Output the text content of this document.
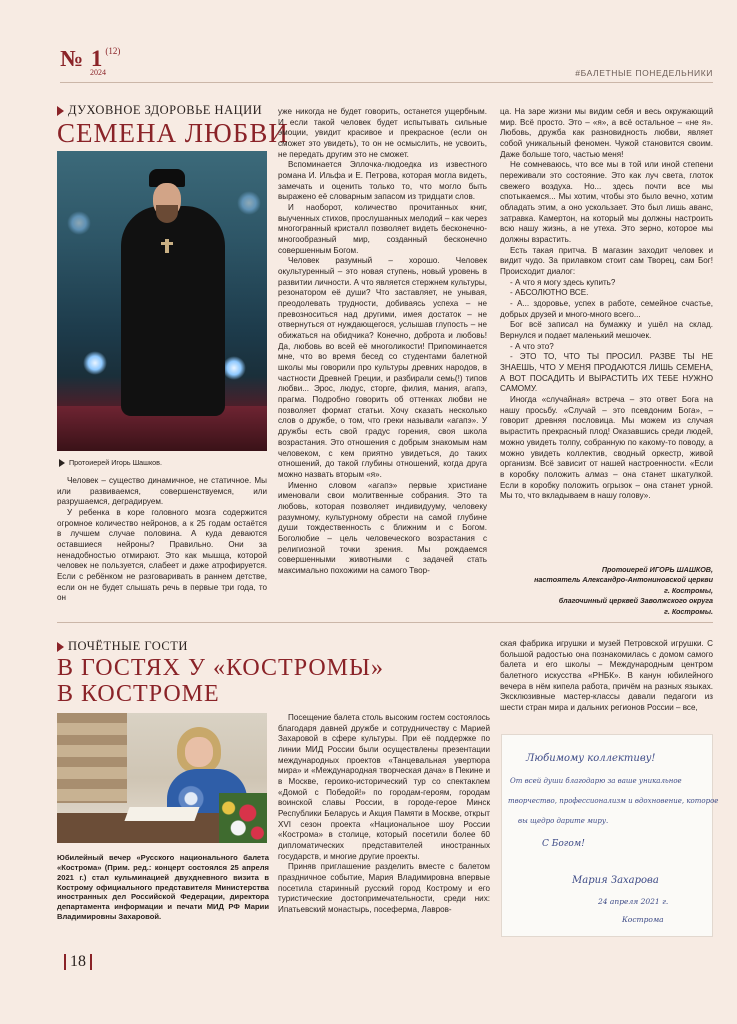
№ 1 $^{(12)}$
2024	#БАЛЕТНЫЕ ПОНЕДЕЛЬНИКИ
ДУХОВНОЕ ЗДОРОВЬЕ НАЦИИ
СЕМЕНА ЛЮБВИ
Протоиерей Игорь Шашков.

Человек – существо динамичное, не статичное. Мы или развиваемся, совершенствуемся, или разрушаемся, деградируем.

У ребенка в коре головного мозга содержится огромное количество нейронов, а к 25 годам остаётся в лучшем случае половина. А куда деваются оставшиеся нейроны? Правильно. Они за ненадобностью отмирают. Это как мышца, которой человек не пользуется, слабеет и даже атрофируется. Если с ребёнком не разговаривать в раннем детстве, если он не будет слышать речь в первые три года, то он

уже никогда не будет говорить, останется ущербным. И если такой человек будет испытывать сильные эмоции, увидит красивое и прекрасное (если он сможет это увидеть), то он не осмыслить, не усвоить, не передать другим это не сможет.

Вспоминается Эллочка-людоедка из известного романа И. Ильфа и Е. Петрова, которая могла видеть, замечать и оценить только то, что могло быть выражено её словарным запасом из тридцати слов.

И наоборот, количество прочитанных книг, выученных стихов, прослушанных мелодий – как через многогранный кристалл позволяет видеть бесконечно-многообразный мир, созданный бесконечно совершенным Богом.

Человек разумный – хорошо. Человек окультуренный – это новая ступень, новый уровень в развитии личности. А что является стержнем культуры, резонатором её души? Что заставляет, не унывая, преодолевать трудности, добиваясь успеха – не превозноситься над другими, имея достаток – не отвернуться от нуждающегося, услышав глупость – не обижаться на обидчика? Конечно, доброта и любовь! Да, любовь во всей её многоликости! Припоминается мне, что во время бесед со студентами балетной школы мы говорили про культуры древних народов, в частности Древней Греции, и разбирали семь(!) типов любви... Эрос, людус, сторге, филия, мания, агапэ, прагма. Подробно говорить об оттенках любви не позволяет формат статьи. Хочу сказать несколько слов о дружбе, о том, что греки называли «агапэ». У дружбы есть свой градус горения, своя школа возрастания. Это отношения с добрым знакомым нам человеком, с кем приятно увидеться, до таких отношений, до такой глубины отношений, когда друга можно назвать вторым «я».

Именно словом «агапэ» первые христиане именовали свои молитвенные собрания. Это та любовь, которая позволяет индивидууму, человеку разумному, культурному обрести на самой глубине души тождественность с ближним и с Богом. Боголюбие – цель человеческого возрастания с религиозной точки зрения. Мы рождаемся совершенными животными с задачей стать максимально похожими на самого Твор-

ца. На заре жизни мы видим себя и весь окружающий мир. Всё просто. Это – «я», а всё остальное – «не я». Любовь, дружба как разновидность любви, являет собой уникальный феномен. Чужой становится своим. Даже больше того, частью меня!

Не сомневаюсь, что все мы в той или иной степени переживали это состояние. Это как луч света, глоток свежего воздуха. Но... здесь почти все мы спотыкаемся... Мы хотим, чтобы это было вечно, хотим обладать этим, а оно ускользает. Это был лишь аванс, затравка. Камертон, на который мы должны настроить всю нашу жизнь, а не утеха. Это зерно, которое мы должны взрастить.

Есть такая притча. В магазин заходит человек и видит чудо. За прилавком стоит сам Творец, сам Бог! Происходит диалог:

- А что я могу здесь купить?

- АБСОЛЮТНО ВСЕ.

- А... здоровье, успех в работе, семейное счастье, добрых друзей и много-много всего...

Бог всё записал на бумажку и ушёл на склад. Вернулся и подает маленький мешочек.

- А что это?

- ЭТО ТО, ЧТО ТЫ ПРОСИЛ. РАЗВЕ ТЫ НЕ ЗНАЕШЬ, ЧТО У МЕНЯ ПРОДАЮТСЯ ЛИШЬ СЕМЕНА, А ВОТ ПОСАДИТЬ И ВЫРАСТИТЬ ИХ ТЕБЕ НУЖНО САМОМУ.

Иногда «случайная» встреча – это ответ Бога на нашу просьбу. «Случай – это псевдоним Бога», – говорит древняя пословица. Мы можем из случая вырастить прекрасный плод! Оказавшись среди людей, можно увидеть толпу, собранную по какому-то поводу, а можно увидеть коллектив, сводный оркестр, живой организм. Всё зависит от нашей настроенности. «Если в коробку положить алмаз – она станет шкатулкой. Если в коробку положить огрызок – она станет урной. Мы то, что вкладываем в нашу голову».

Протоиерей ИГОРЬ ШАШКОВ,
настоятель Александро-Антониновской церкви
г. Костромы,
благочинный церквей Заволжского округа
г. Костромы.
ПОЧЁТНЫЕ ГОСТИ
В ГОСТЯХ У «КОСТРОМЫ»
В КОСТРОМЕ
Юбилейный вечер «Русского национального балета «Кострома» (Прим. ред.: концерт состоялся 25 апреля 2021 г.) стал кульминацией двухдневного визита в Кострому официального представителя Министерства иностранных дел Российской Федерации, директора департамента информации и печати МИД РФ Марии Владимировны Захаровой.

Посещение балета столь высоким гостем состоялось благодаря давней дружбе и сотрудничеству с Марией Захаровой в сфере культуры. При её поддержке по линии МИД России были осуществлены презентации международных проектов «Танцевальная увертюра мира» и «Международная творческая дача» в Пекине и в Москве, героико-исторический тур со спектаклем «Домой с Победой!» по городам-героям, городам воинской славы России, в городе-герое Минск Республики Беларусь и Акция Памяти в Москве, открыт XVI сезон проекта «Национальное шоу России «Кострома» в столице, который посетили более 60 дипломатических представителей иностранных государств, и многие другие проекты.

Приняв приглашение разделить вместе с балетом праздничное событие, Мария Владимировна впервые посетила старинный русский город Кострому и его туристические достопримечательности, среди них: Ипатьевский монастырь, посеферма, Лавров-

ская фабрика игрушки и музей Петровской игрушки. С большой радостью она познакомилась с домом самого балета и его школы – Международным центром балетного искусства «РНБК». В канун юбилейного вечера в нём кипела работа, причём на разных языках. Эксклюзивные мастер-классы давали педагоги из шести стран мира и дальних регионов России – все,

Любимому коллективу!
От всей души благодарю за ваше уникальное
творчество, профессионализм и вдохновение, которое
вы щедро дарите миру.
С Богом!
Мария Захарова
24 апреля 2021 г.
Кострома
18
